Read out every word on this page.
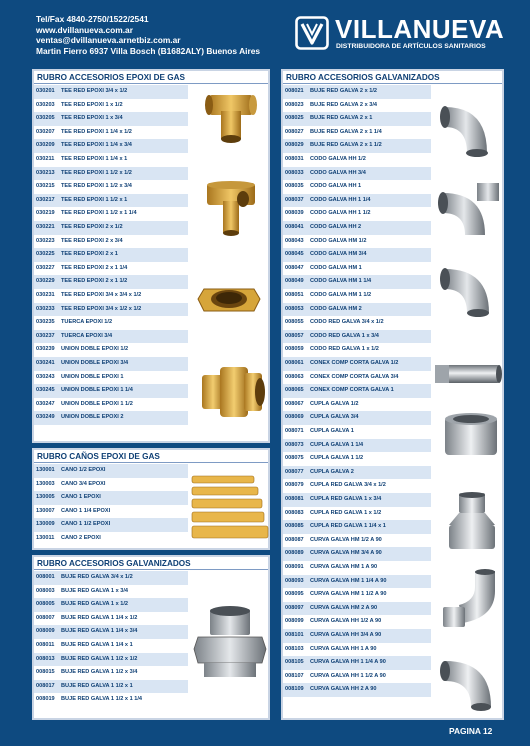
Tel/Fax 4840-2750/1522/2541
www.dvillanueva.com.ar
ventas@dvillanueva.arnetbiz.com.ar
Martin Fierro 6937 Villa Bosch (B1682ALY) Buenos Aires
VILLANUEVA
DISTRIBUIDORA DE ARTÍCULOS SANITARIOS
RUBRO ACCESORIOS EPOXI DE GAS
030201 TEE RED EPOXI 3/4 x 1/2
030203 TEE RED EPOXI 1 x 1/2
030205 TEE RED EPOXI 1 x 3/4
030207 TEE RED EPOXI 1 1/4 x 1/2
030209 TEE RED EPOXI 1 1/4 x 3/4
030211 TEE RED EPOXI 1 1/4 x 1
030213 TEE RED EPOXI 1 1/2 x 1/2
030215 TEE RED EPOXI 1 1/2 x 3/4
030217 TEE RED EPOXI 1 1/2 x 1
030219 TEE RED EPOXI 1 1/2 x 1 1/4
030221 TEE RED EPOXI 2 x 1/2
030223 TEE RED EPOXI 2 x 3/4
030225 TEE RED EPOXI 2 x 1
030227 TEE RED EPOXI 2 x 1 1/4
030229 TEE RED EPOXI 2 x 1 1/2
030231 TEE RED EPOXI 3/4 x 3/4 x 1/2
030233 TEE RED EPOXI 3/4 x 1/2 x 1/2
030235 TUERCA EPOXI 1/2
030237 TUERCA EPOXI 3/4
030239 UNION DOBLE EPOXI 1/2
030241 UNION DOBLE EPOXI 3/4
030243 UNION DOBLE EPOXI 1
030245 UNION DOBLE EPOXI 1 1/4
030247 UNION DOBLE EPOXI 1 1/2
030249 UNION DOBLE EPOXI 2
RUBRO CAÑOS EPOXI DE GAS
130001 CANO 1/2 EPOXI
130003 CANO 3/4 EPOXI
130005 CANO 1 EPOXI
130007 CANO 1 1/4 EPOXI
130009 CANO 1 1/2 EPOXI
130011 CANO 2 EPOXI
RUBRO ACCESORIOS GALVANIZADOS
008001 BUJE RED GALVA 3/4 x 1/2
008003 BUJE RED GALVA 1 x 3/4
008005 BUJE RED GALVA 1 x 1/2
008007 BUJE RED GALVA 1 1/4 x 1/2
008009 BUJE RED GALVA 1 1/4 x 3/4
008011 BUJE RED GALVA 1 1/4 x 1
008013 BUJE RED GALVA 1 1/2 x 1/2
008015 BUJE RED GALVA 1 1/2 x 3/4
008017 BUJE RED GALVA 1 1/2 x 1
008019 BUJE RED GALVA 1 1/2 x 1 1/4
RUBRO ACCESORIOS GALVANIZADOS
008021 BUJE RED GALVA 2 x 1/2
008023 BUJE RED GALVA 2 x 3/4
008025 BUJE RED GALVA 2 x 1
008027 BUJE RED GALVA 2 x 1 1/4
008029 BUJE RED GALVA 2 x 1 1/2
008031 CODO GALVA HH 1/2
008033 CODO GALVA HH 3/4
008035 CODO GALVA HH 1
008037 CODO GALVA HH 1 1/4
008039 CODO GALVA HH 1 1/2
008041 CODO GALVA HH 2
008043 CODO GALVA HM 1/2
008045 CODO GALVA HM 3/4
008047 CODO GALVA HM 1
008049 CODO GALVA HM 1 1/4
008051 CODO GALVA HM 1 1/2
008053 CODO GALVA HM 2
008055 CODO RED GALVA 3/4 x 1/2
008057 CODO RED GALVA 1 x 3/4
008059 CODO RED GALVA 1 x 1/2
008061 CONEX COMP CORTA GALVA 1/2
008063 CONEX COMP CORTA GALVA 3/4
008065 CONEX COMP CORTA GALVA 1
008067 CUPLA GALVA 1/2
008069 CUPLA GALVA 3/4
008071 CUPLA GALVA 1
008073 CUPLA GALVA 1 1/4
008075 CUPLA GALVA 1 1/2
008077 CUPLA GALVA 2
008079 CUPLA RED GALVA 3/4 x 1/2
008081 CUPLA RED GALVA 1 x 3/4
008083 CUPLA RED GALVA 1 x 1/2
008085 CUPLA RED GALVA 1 1/4 x 1
008087 CURVA GALVA HM 1/2 A 90
008089 CURVA GALVA HM 3/4 A 90
008091 CURVA GALVA HM 1 A 90
008093 CURVA GALVA HM 1 1/4 A 90
008095 CURVA GALVA HM 1 1/2 A 90
008097 CURVA GALVA HM 2 A 90
008099 CURVA GALVA HH 1/2 A 90
008101 CURVA GALVA HH 3/4 A 90
008103 CURVA GALVA HH 1 A 90
008105 CURVA GALVA HH 1 1/4 A 90
008107 CURVA GALVA HH 1 1/2 A 90
008109 CURVA GALVA HH 2 A 90
PAGINA 12
